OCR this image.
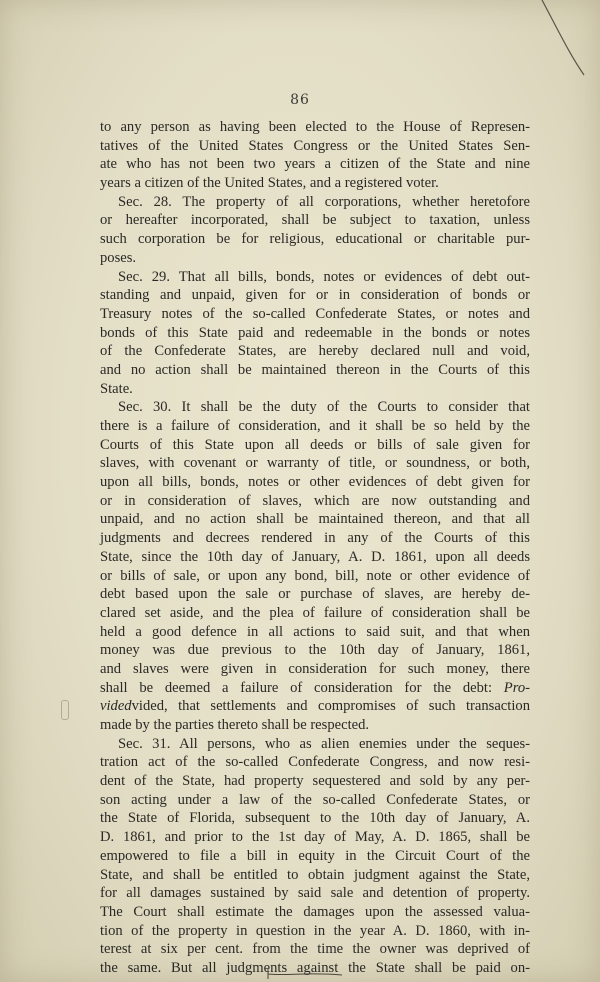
86
to any person as having been elected to the House of Represen-
tatives of the United States Congress or the United States Sen-
ate who has not been two years a citizen of the State and nine
years a citizen of the United States, and a registered voter.
Sec. 28. The property of all corporations, whether heretofore
or hereafter incorporated, shall be subject to taxation, unless
such corporation be for religious, educational or charitable pur-
poses.
Sec. 29. That all bills, bonds, notes or evidences of debt out-
standing and unpaid, given for or in consideration of bonds or
Treasury notes of the so-called Confederate States, or notes and
bonds of this State paid and redeemable in the bonds or notes
of the Confederate States, are hereby declared null and void,
and no action shall be maintained thereon in the Courts of this
State.
Sec. 30. It shall be the duty of the Courts to consider that
there is a failure of consideration, and it shall be so held by the
Courts of this State upon all deeds or bills of sale given for
slaves, with covenant or warranty of title, or soundness, or both,
upon all bills, bonds, notes or other evidences of debt given for
or in consideration of slaves, which are now outstanding and
unpaid, and no action shall be maintained thereon, and that all
judgments and decrees rendered in any of the Courts of this
State, since the 10th day of January, A. D. 1861, upon all deeds
or bills of sale, or upon any bond, bill, note or other evidence of
debt based upon the sale or purchase of slaves, are hereby de-
clared set aside, and the plea of failure of consideration shall be
held a good defence in all actions to said suit, and that when
money was due previous to the 10th day of January, 1861,
and slaves were given in consideration for such money, there
shall be deemed a failure of consideration for the debt: Pro-
videdvided, that settlements and compromises of such transaction
made by the parties thereto shall be respected.
Sec. 31. All persons, who as alien enemies under the seques-
tration act of the so-called Confederate Congress, and now resi-
dent of the State, had property sequestered and sold by any per-
son acting under a law of the so-called Confederate States, or
the State of Florida, subsequent to the 10th day of January, A.
D. 1861, and prior to the 1st day of May, A. D. 1865, shall be
empowered to file a bill in equity in the Circuit Court of the
State, and shall be entitled to obtain judgment against the State,
for all damages sustained by said sale and detention of property.
The Court shall estimate the damages upon the assessed valua-
tion of the property in question in the year A. D. 1860, with in-
terest at six per cent. from the time the owner was deprived of
the same. But all judgments against the State shall be paid on-
